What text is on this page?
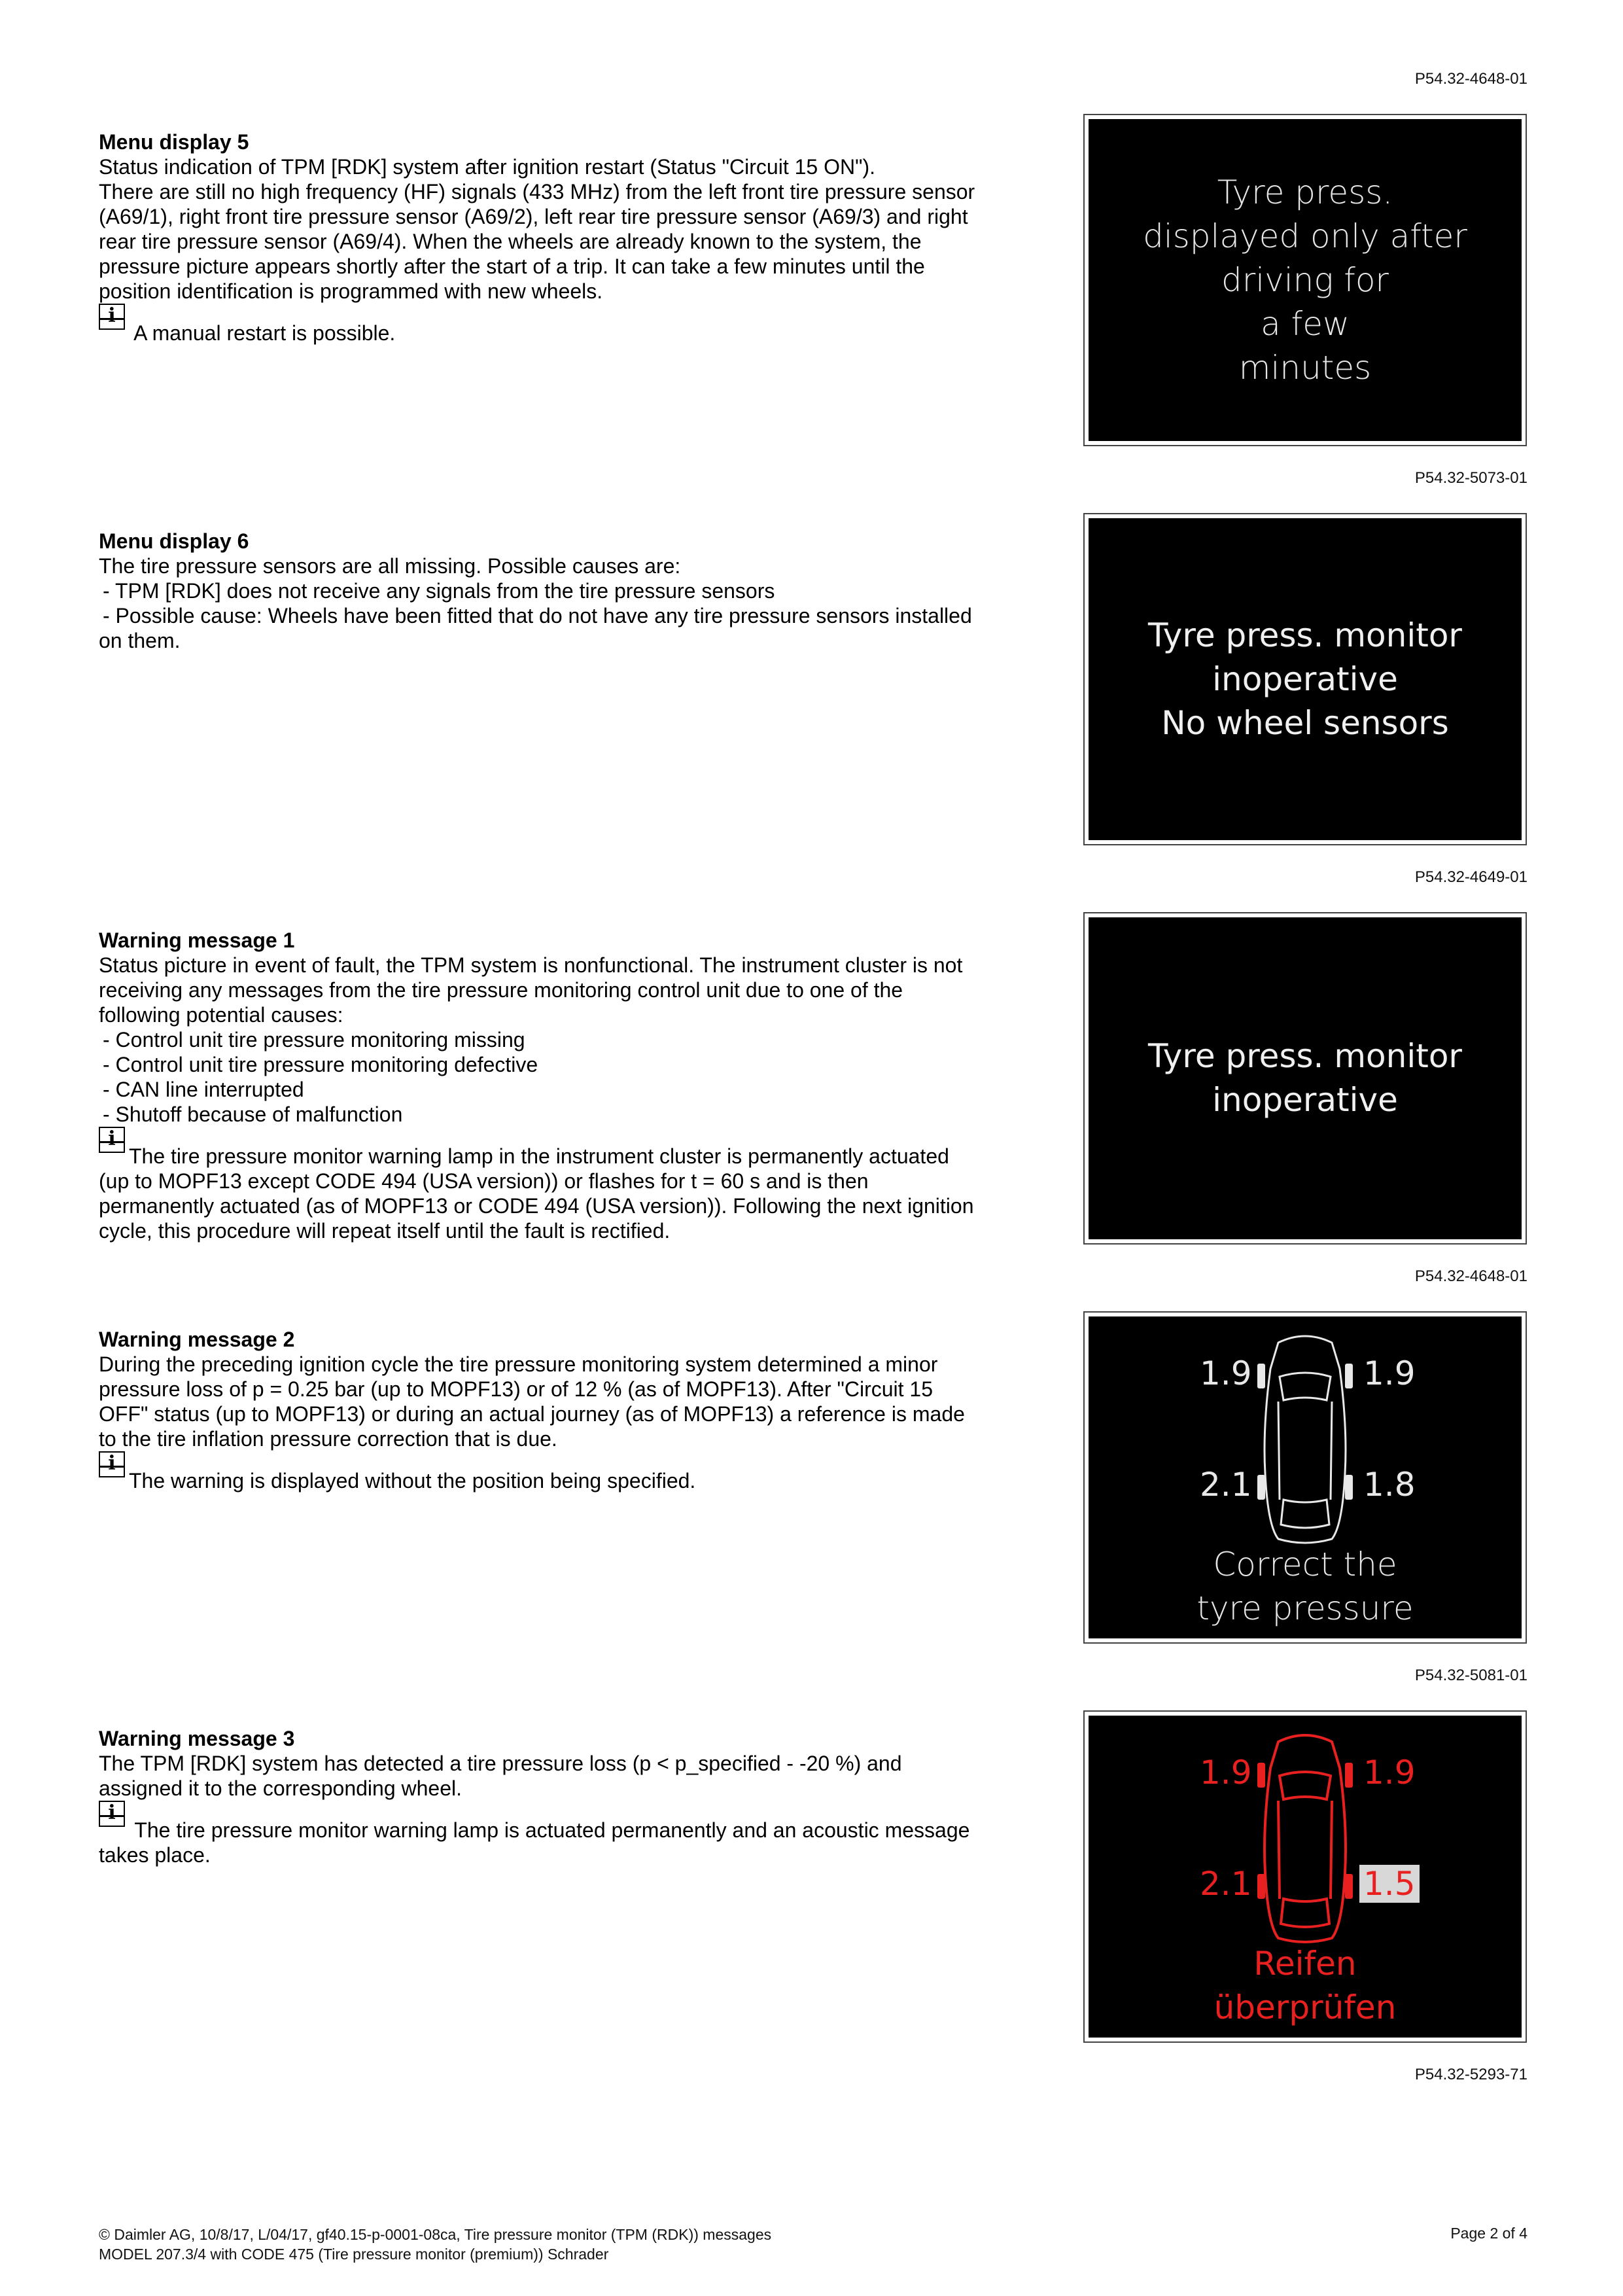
P54.32-4648-01
P54.32-5073-01
P54.32-4649-01
P54.32-4648-01
P54.32-5081-01
P54.32-5293-71

Menu display 5

Status indication of TPM [RDK] system after ignition restart (Status "Circuit 15 ON").

There are still no high frequency (HF) signals (433 MHz) from the left front tire pressure sensor

(A69/1), right front tire pressure sensor (A69/2), left rear tire pressure sensor (A69/3) and right

rear tire pressure sensor (A69/4). When the wheels are already known to the system, the

pressure picture appears shortly after the start of a trip. It can take a few minutes until the

position identification is programmed with new wheels.

i A manual restart is possible.

Tyre press.
displayed only after
driving for
a few
minutes

Menu display 6

The tire pressure sensors are all missing. Possible causes are:

- TPM [RDK] does not receive any signals from the tire pressure sensors

- Possible cause: Wheels have been fitted that do not have any tire pressure sensors installed

on them.	Tyre press. monitor
inoperative
No wheel sensors

Warning message 1

Status picture in event of fault, the TPM system is nonfunctional. The instrument cluster is not

receiving any messages from the tire pressure monitoring control unit due to one of the

following potential causes:

- Control unit tire pressure monitoring missing

- Control unit tire pressure monitoring defective

- CAN line interrupted

- Shutoff because of malfunction

iThe tire pressure monitor warning lamp in the instrument cluster is permanently actuated

(up to MOPF13 except CODE 494 (USA version)) or flashes for t = 60 s and is then

permanently actuated (as of MOPF13 or CODE 494 (USA version)). Following the next ignition

cycle, this procedure will repeat itself until the fault is rectified.

Tyre press. monitor
inoperative

Warning message 2

During the preceding ignition cycle the tire pressure monitoring system determined a minor

pressure loss of p = 0.25 bar (up to MOPF13) or of 12 % (as of MOPF13). After "Circuit 15

OFF" status (up to MOPF13) or during an actual journey (as of MOPF13) a reference is made

to the tire inflation pressure correction that is due.

iThe warning is displayed without the position being specified.

1.9	1.9
2.1	1.8
Correct the
tyre pressure

Warning message 3

The TPM [RDK] system has detected a tire pressure loss (p < p_specified - -20 %) and

assigned it to the corresponding wheel.

i The tire pressure monitor warning lamp is actuated permanently and an acoustic message

takes place.

1.9	1.9
2.1	1.5
Reifen
überprüfen
© Daimler AG, 10/8/17, L/04/17, gf40.15-p-0001-08ca, Tire pressure monitor (TPM (RDK)) messages
MODEL 207.3/4 with CODE 475 (Tire pressure monitor (premium)) Schrader
Page 2 of 4
